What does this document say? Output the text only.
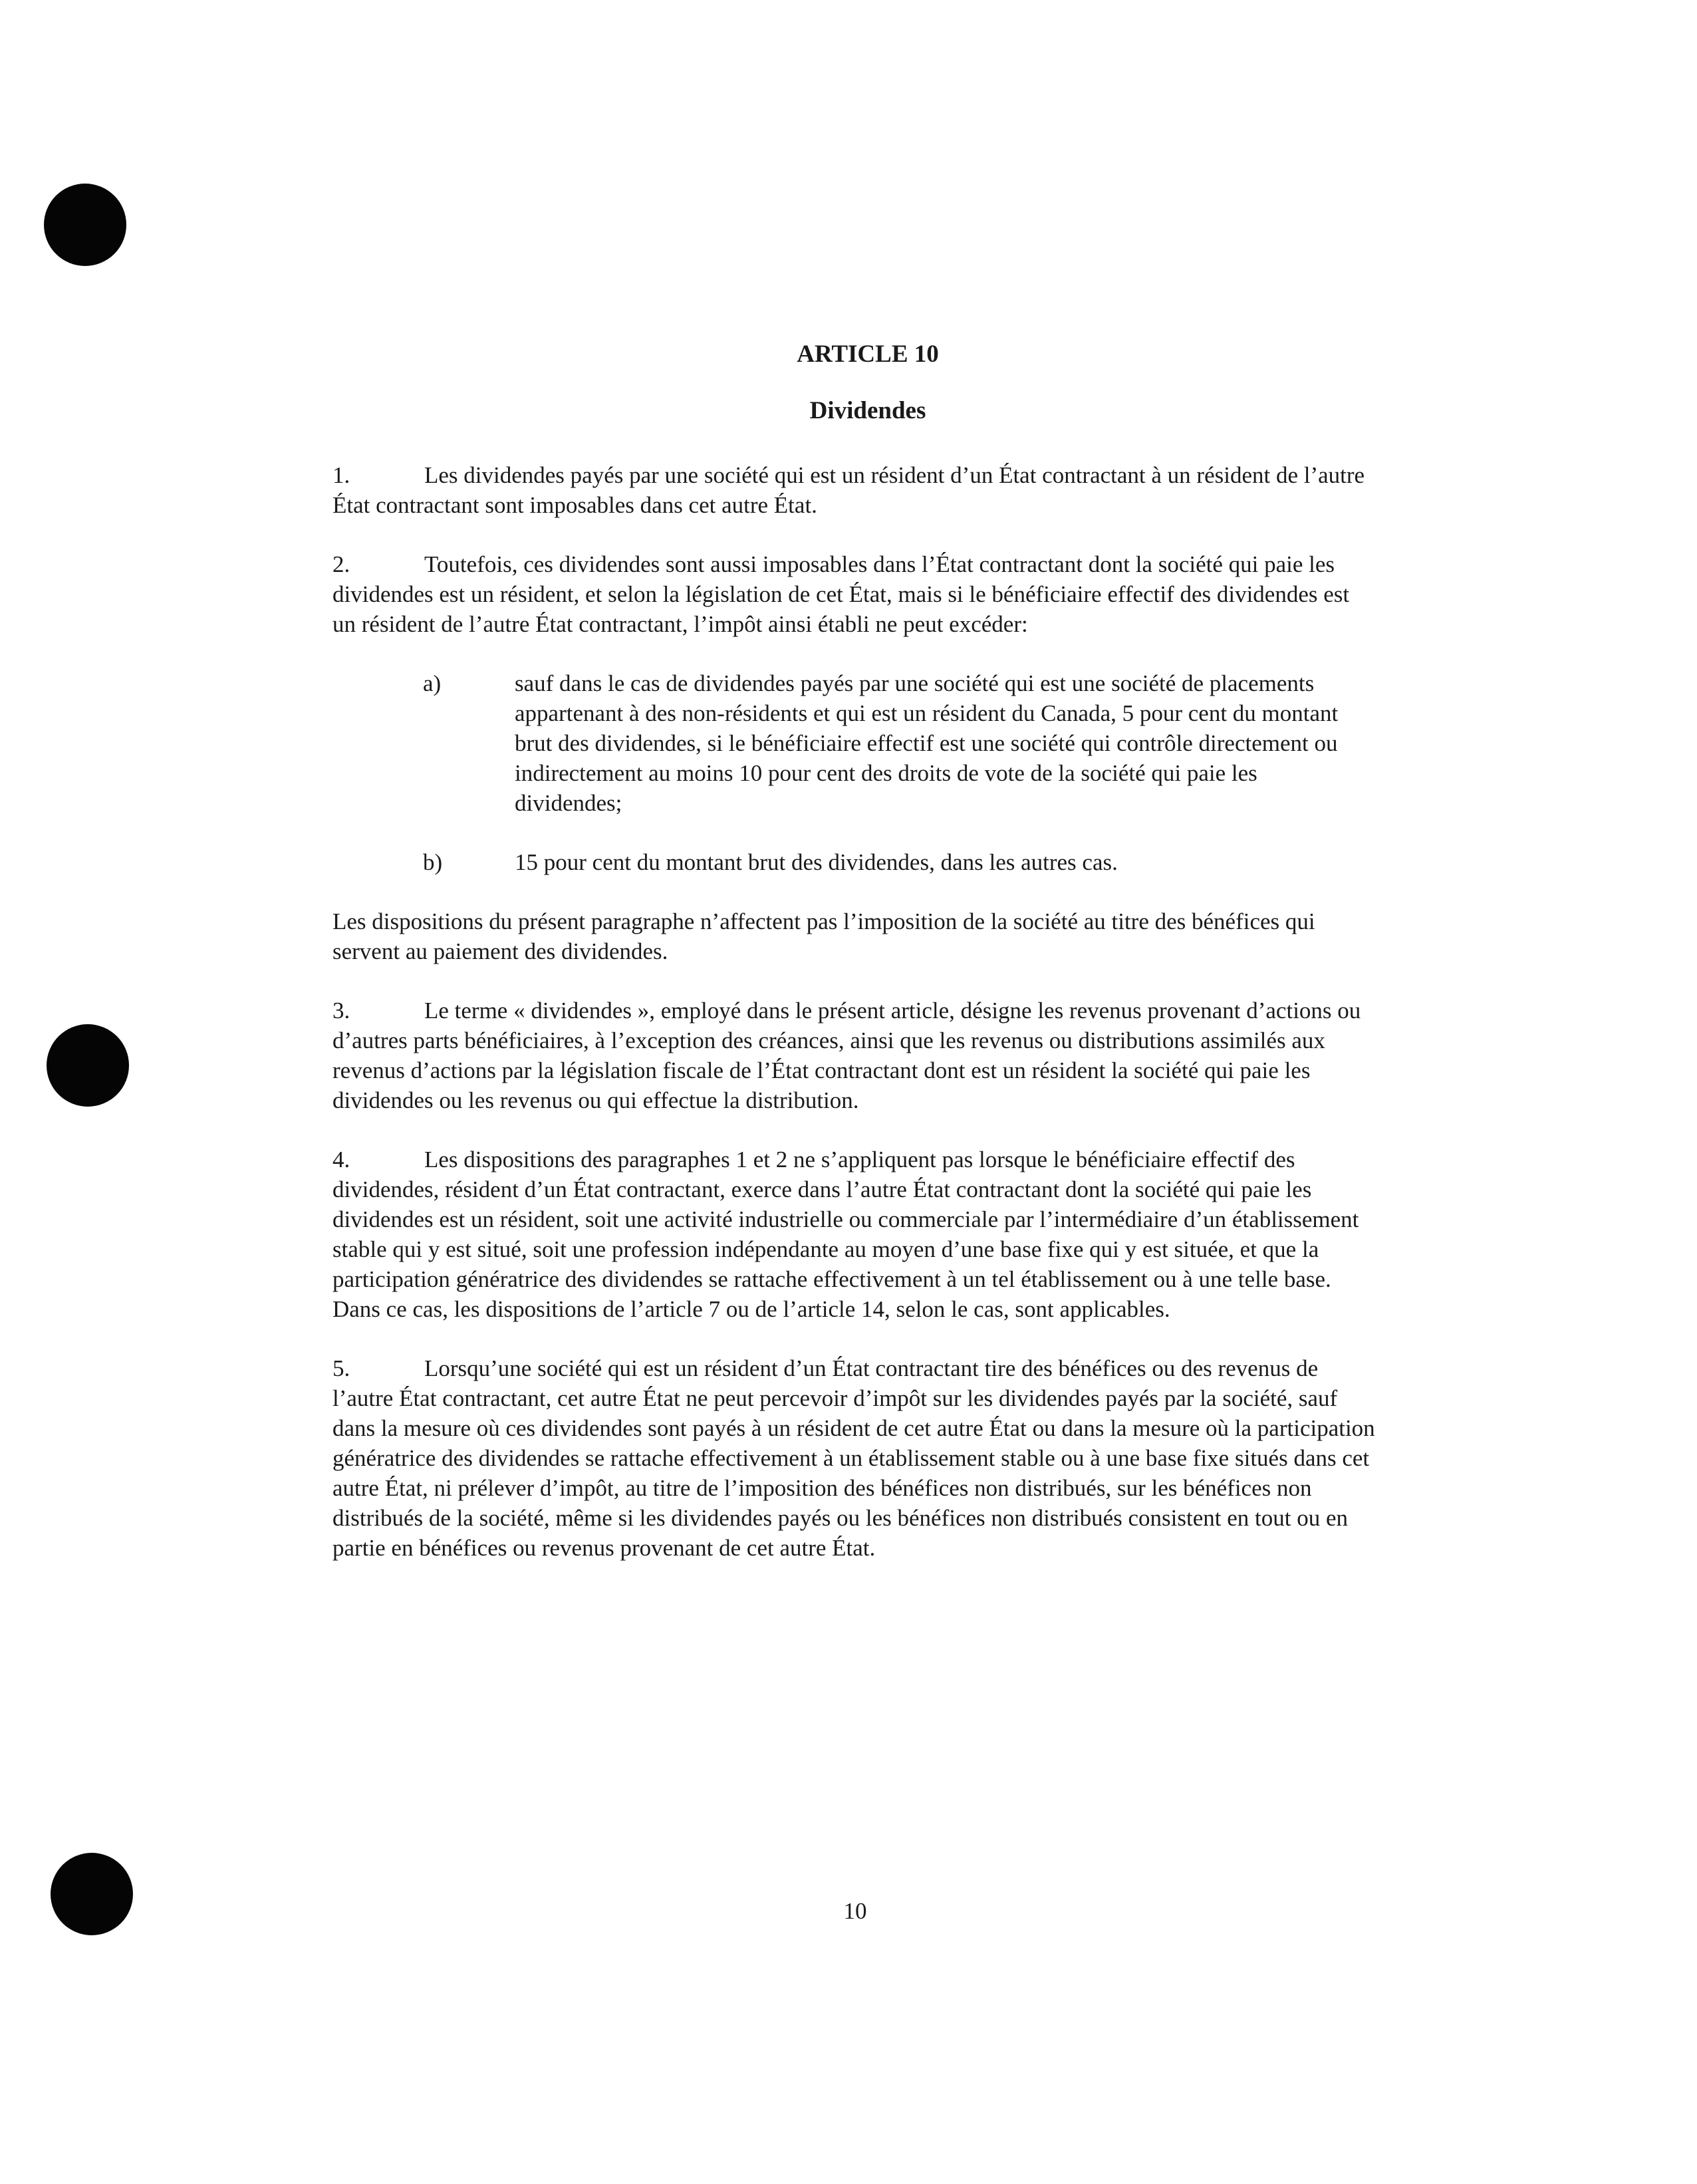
ARTICLE 10
Dividendes

1.	Les dividendes payés par une société qui est un résident d’un État contractant à un résident de l’autre État contractant sont imposables dans cet autre État.

2.	Toutefois, ces dividendes sont aussi imposables dans l’État contractant dont la société qui paie les dividendes est un résident, et selon la législation de cet État, mais si le bénéficiaire effectif des dividendes est un résident de l’autre État contractant, l’impôt ainsi établi ne peut excéder:

a)	sauf dans le cas de dividendes payés par une société qui est une société de placements appartenant à des non-résidents et qui est un résident du Canada, 5 pour cent du montant brut des dividendes, si le bénéficiaire effectif est une société qui contrôle directement ou indirectement au moins 10 pour cent des droits de vote de la société qui paie les dividendes;
b)	15 pour cent du montant brut des dividendes, dans les autres cas.

Les dispositions du présent paragraphe n’affectent pas l’imposition de la société au titre des bénéfices qui servent au paiement des dividendes.

3.	Le terme « dividendes », employé dans le présent article, désigne les revenus provenant d’actions ou d’autres parts bénéficiaires, à l’exception des créances, ainsi que les revenus ou distributions assimilés aux revenus d’actions par la législation fiscale de l’État contractant dont est un résident la société qui paie les dividendes ou les revenus ou qui effectue la distribution.

4.	Les dispositions des paragraphes 1 et 2 ne s’appliquent pas lorsque le bénéficiaire effectif des dividendes, résident d’un État contractant, exerce dans l’autre État contractant dont la société qui paie les dividendes est un résident, soit une activité industrielle ou commerciale par l’intermédiaire d’un établissement stable qui y est situé, soit une profession indépendante au moyen d’une base fixe qui y est située, et que la participation génératrice des dividendes se rattache effectivement à un tel établissement ou à une telle base. Dans ce cas, les dispositions de l’article 7 ou de l’article 14, selon le cas, sont applicables.

5.	Lorsqu’une société qui est un résident d’un État contractant tire des bénéfices ou des revenus de l’autre État contractant, cet autre État ne peut percevoir d’impôt sur les dividendes payés par la société, sauf dans la mesure où ces dividendes sont payés à un résident de cet autre État ou dans la mesure où la participation génératrice des dividendes se rattache effectivement à un établissement stable ou à une base fixe situés dans cet autre État, ni prélever d’impôt, au titre de l’imposition des bénéfices non distribués, sur les bénéfices non distribués de la société, même si les dividendes payés ou les bénéfices non distribués consistent en tout ou en partie en bénéfices ou revenus provenant de cet autre État.

10
